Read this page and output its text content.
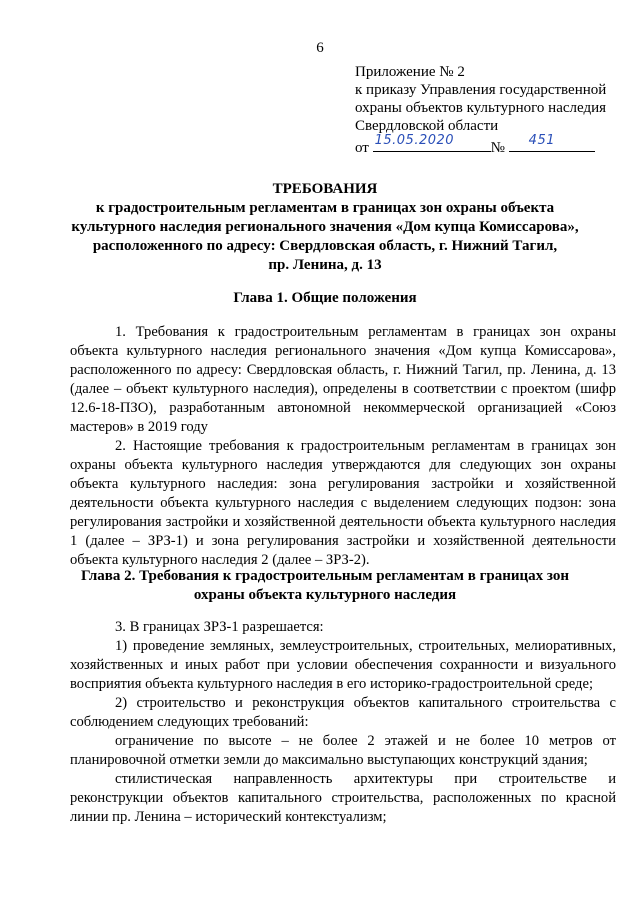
6
Приложение № 2
к приказу Управления государственной
охраны объектов культурного наследия
Свердловской области
от 15.05.2020 № 451
ТРЕБОВАНИЯ
к градостроительным регламентам в границах зон охраны объекта
культурного наследия регионального значения «Дом купца Комиссарова»,
расположенного по адресу: Свердловская область, г. Нижний Тагил,
пр. Ленина, д. 13
Глава 1. Общие положения

1. Требования к градостроительным регламентам в границах зон охраны объекта культурного наследия регионального значения «Дом купца Комиссарова», расположенного по адресу: Свердловская область, г. Нижний Тагил, пр. Ленина, д. 13 (далее – объект культурного наследия), определены в соответствии с проектом (шифр 12.6-18-ПЗО), разработанным автономной некоммерческой организацией «Союз мастеров» в 2019 году

2. Настоящие требования к градостроительным регламентам в границах зон охраны объекта культурного наследия утверждаются для следующих зон охраны объекта культурного наследия: зона регулирования застройки и хозяйственной деятельности объекта культурного наследия с выделением следующих подзон: зона регулирования застройки и хозяйственной деятельности объекта культурного наследия 1 (далее – ЗРЗ-1) и зона регулирования застройки и хозяйственной деятельности объекта культурного наследия 2 (далее – ЗРЗ-2).

Глава 2. Требования к градостроительным регламентам в границах зон
охраны объекта культурного наследия

3. В границах ЗРЗ-1 разрешается:

1) проведение земляных, землеустроительных, строительных, мелиоративных, хозяйственных и иных работ при условии обеспечения сохранности и визуального восприятия объекта культурного наследия в его историко-градостроительной среде;

2) строительство и реконструкция объектов капитального строительства с соблюдением следующих требований:

ограничение по высоте – не более 2 этажей и не более 10 метров от планировочной отметки земли до максимально выступающих конструкций здания;

стилистическая направленность архитектуры при строительстве и реконструкции объектов капитального строительства, расположенных по красной линии пр. Ленина – исторический контекстуализм;
